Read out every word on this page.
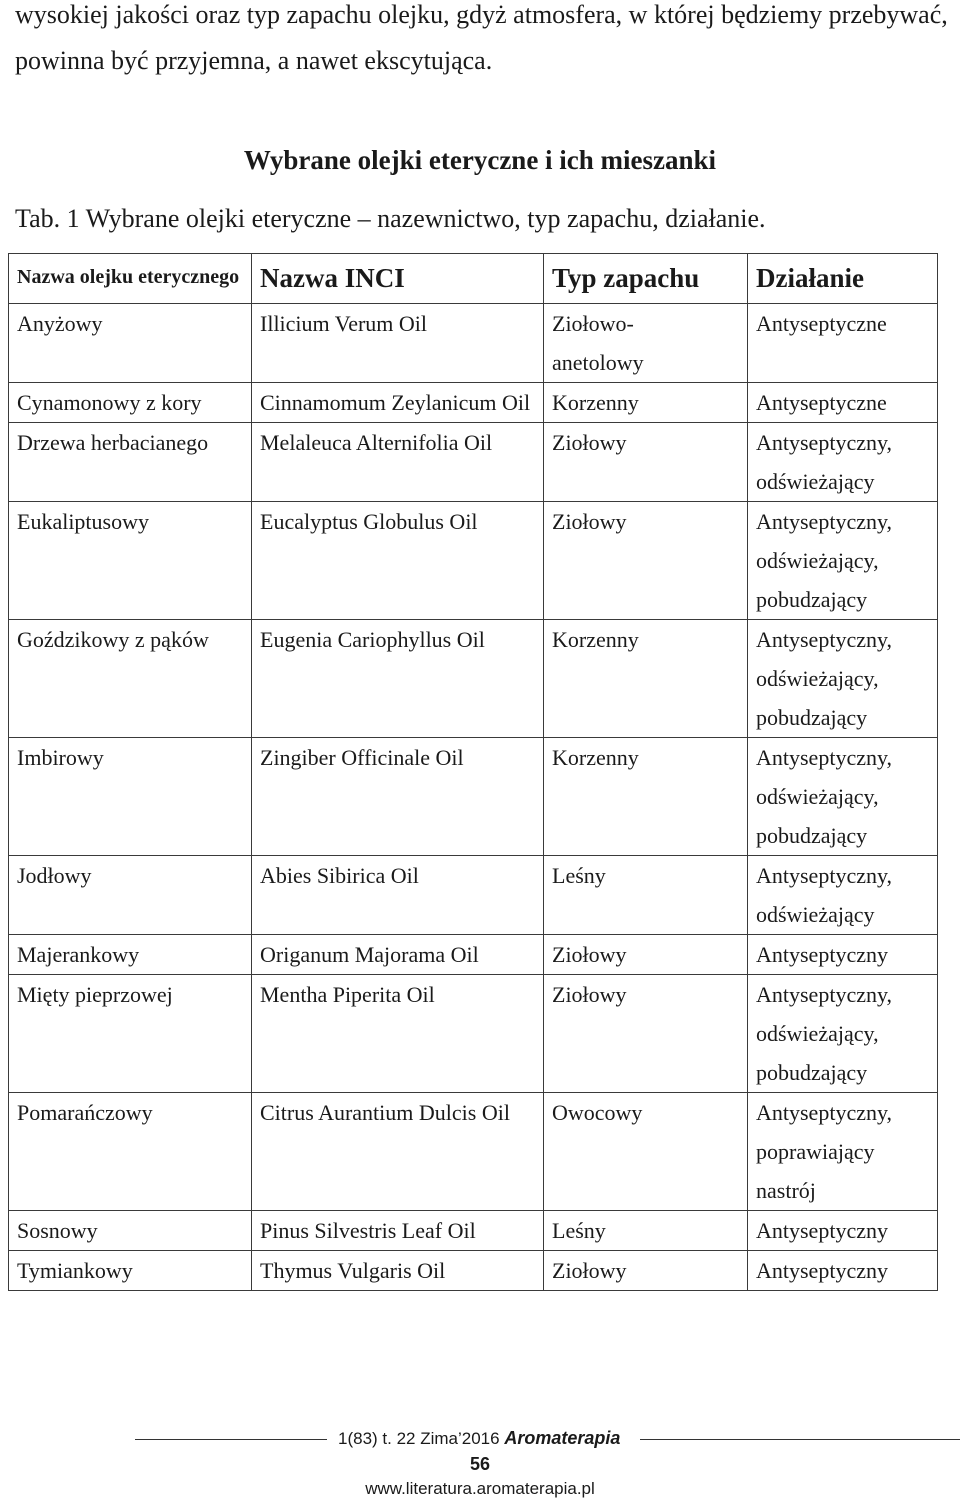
wysokiej jakości oraz typ zapachu olejku, gdyż atmosfera, w której będziemy przebywać, powinna być przyjemna, a nawet ekscytująca.

Wybrane olejki eteryczne i ich mieszanki

Tab. 1 Wybrane olejki eteryczne – nazewnictwo, typ zapachu, działanie.

Nazwa olejku eterycznego	Nazwa INCI	Typ zapachu	Działanie
Anyżowy	Illicium Verum Oil	Ziołowo-anetolowy	Antyseptyczne
Cynamonowy z kory	Cinnamomum Zeylanicum Oil	Korzenny	Antyseptyczne
Drzewa herbacianego	Melaleuca Alternifolia Oil	Ziołowy	Antyseptyczny, odświeżający
Eukaliptusowy	Eucalyptus Globulus Oil	Ziołowy	Antyseptyczny, odświeżający, pobudzający
Goździkowy z pąków	Eugenia Cariophyllus Oil	Korzenny	Antyseptyczny, odświeżający, pobudzający
Imbirowy	Zingiber Officinale Oil	Korzenny	Antyseptyczny, odświeżający, pobudzający
Jodłowy	Abies Sibirica Oil	Leśny	Antyseptyczny, odświeżający
Majerankowy	Origanum Majorama Oil	Ziołowy	Antyseptyczny
Mięty pieprzowej	Mentha Piperita Oil	Ziołowy	Antyseptyczny, odświeżający, pobudzający
Pomarańczowy	Citrus Aurantium Dulcis Oil	Owocowy	Antyseptyczny, poprawiający nastrój
Sosnowy	Pinus Silvestris Leaf Oil	Leśny	Antyseptyczny
Tymiankowy	Thymus Vulgaris Oil	Ziołowy	Antyseptyczny
1(83) t. 22 Zima’2016 Aromaterapia
56
www.literatura.aromaterapia.pl
